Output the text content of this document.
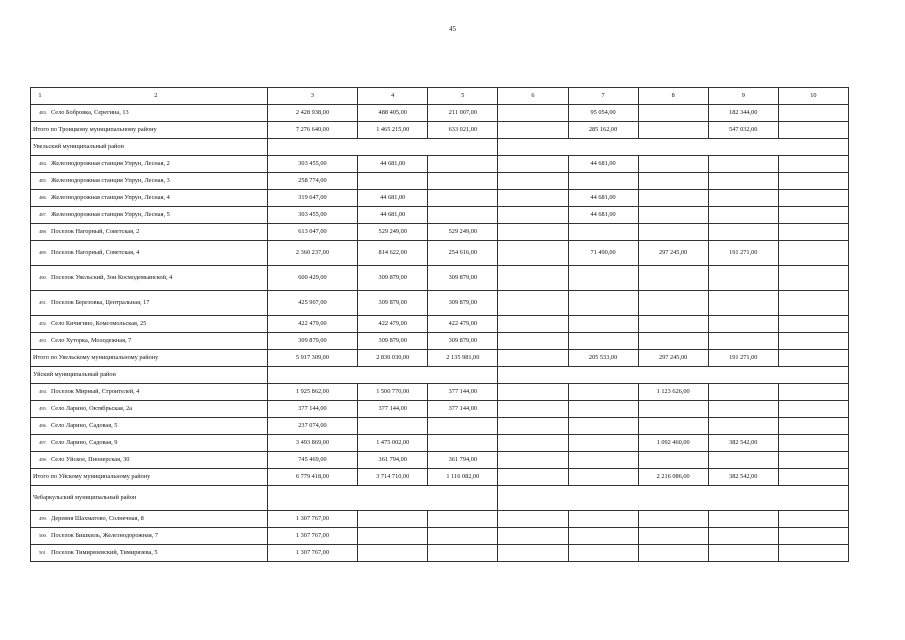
45
1 2	3	4	5	6	7	8	9	10
483. Село Бобровка, Серегина, 13	2 428 938,00	488 405,00	211 007,00		95 054,00		182 344,00	
Итого по Троицкому муниципальному району	7 276 640,00	1 465 215,00	633 021,00		285 162,00		547 032,00	
Увельский муниципальный район								
484. Железнодорожная станция Упрун, Лесная, 2	303 455,00	44 681,00			44 681,00			
485. Железнодорожная станция Упрун, Лесная, 3	258 774,00							
486. Железнодорожная станция Упрун, Лесная, 4	319 647,00	44 681,00			44 681,00			
487. Железнодорожная станция Упрун, Лесная, 5	303 455,00	44 681,00			44 681,00			
488. Поселок Нагорный, Советская, 2	613 047,00	529 249,00	529 249,00					
489. Поселок Нагорный, Советская, 4	2 360 237,00	814 622,00	254 616,00		71 490,00	297 245,00	191 271,00	
490. Поселок Увельский, Зои Космодемьянской, 4	600 429,00	309 879,00	309 879,00					
491. Поселок Березовка, Центральная, 17	425 907,00	309 879,00	309 879,00					
492. Село Кичигино, Комсомольская, 25	422 479,00	422 479,00	422 479,00					
493. Село Хуторка, Молодежная, 7	309 879,00	309 879,00	309 879,00					
Итого по Увельскому муниципальному району	5 917 309,00	2 830 030,00	2 135 981,00		205 533,00	297 245,00	191 271,00	
Уйский муниципальный район								
494. Поселок Мирный, Строителей, 4	1 925 862,00	1 500 770,00	377 144,00			1 123 626,00		
495. Село Ларино, Октябрьская, 2а	377 144,00	377 144,00	377 144,00					
496. Село Ларино, Садовая, 5	237 074,00							
497. Село Ларино, Садовая, 9	3 493 869,00	1 475 002,00				1 092 460,00	382 542,00	
498. Село Уйское, Пионерская, 30	745 469,00	361 794,00	361 794,00					
Итого по Уйскому муниципальному району	6 779 418,00	3 714 710,00	1 116 082,00			2 216 086,00	382 542,00	
Чебаркульский муниципальный район								
499. Деревня Шахматово, Солнечная, 8	1 307 767,00							
500. Поселок Бишкиль, Железнодорожная, 7	1 307 767,00							
501. Поселок Тимирязевский, Тимирязева, 5	1 307 767,00							
